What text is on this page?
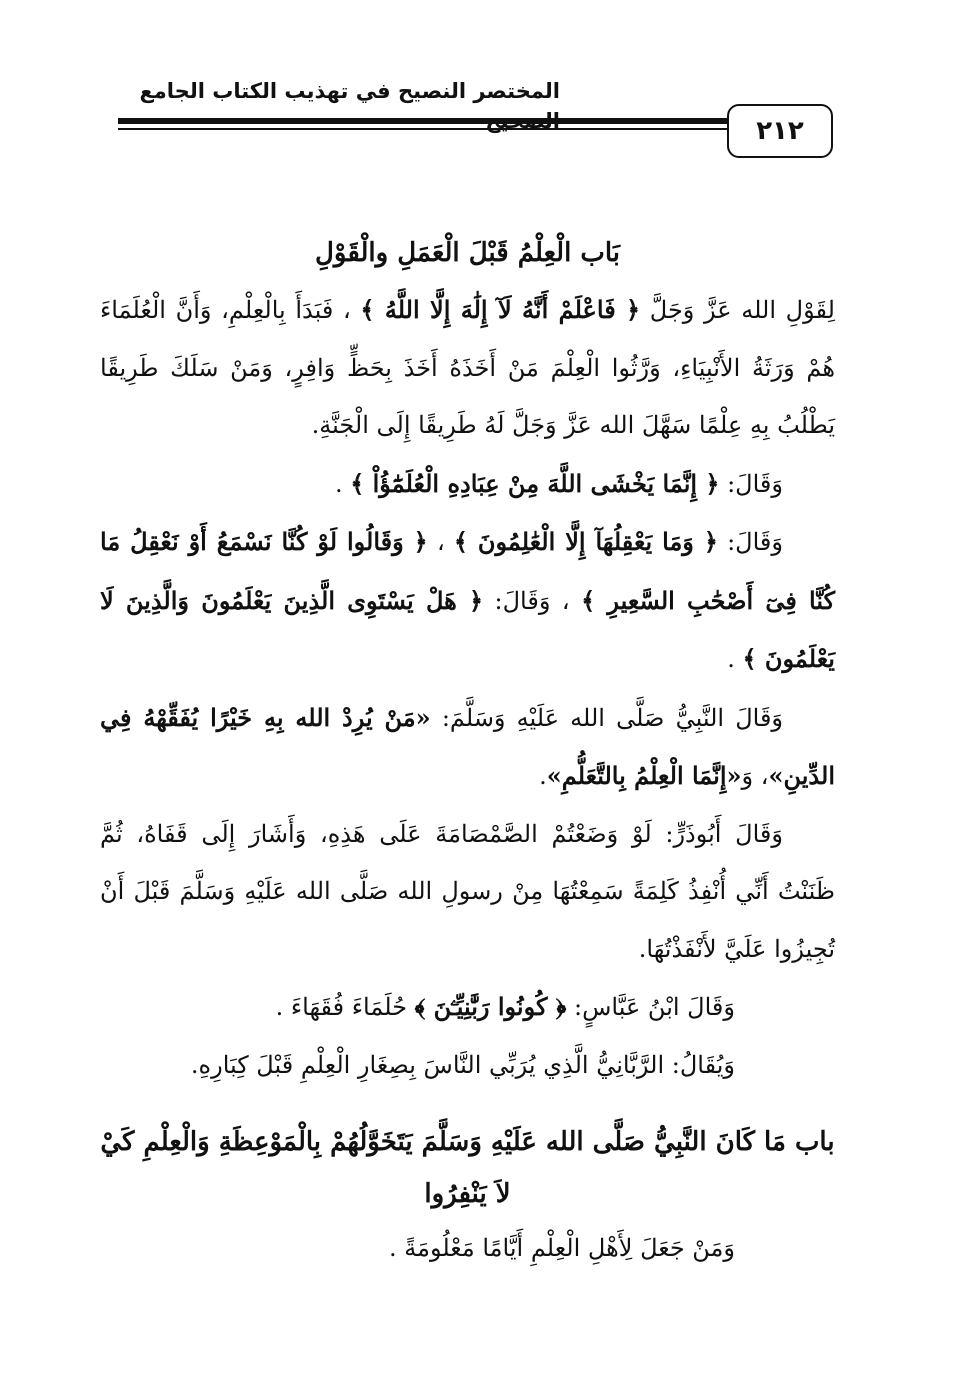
المختصر النصيح في تهذيب الكتاب الجامع
٢١٢

بَاب الْعِلْمُ قَبْلَ الْعَمَلِ والْقَوْلِ

لِقَوْلِ الله عَزَّ وَجَلَّ ﴿ فَاعْلَمْ أَنَّهُ لَآ إِلَٰهَ إِلَّا اللَّهُ ﴾ ، فَبَدَأَ بِالْعِلْمِ، وَأَنَّ الْعُلَمَاءَ هُمْ وَرَثَةُ الأَنْبِيَاءِ، وَرَّثُوا الْعِلْمَ مَنْ أَخَذَهُ أَخَذَ بِحَظٍّ وَافِرٍ، وَمَنْ سَلَكَ طَرِيقًا يَطْلُبُ بِهِ عِلْمًا سَهَّلَ الله عَزَّ وَجَلَّ لَهُ طَرِيقًا إِلَى الْجَنَّةِ.

وَقَالَ: ﴿ إِنَّمَا يَخْشَى اللَّهَ مِنْ عِبَادِهِ الْعُلَمَٰٓؤُاْ ﴾ .

وَقَالَ: ﴿ وَمَا يَعْقِلُهَآ إِلَّا الْعَٰلِمُونَ ﴾ ، ﴿ وَقَالُوا لَوْ كُنَّا نَسْمَعُ أَوْ نَعْقِلُ مَا كُنَّا فِىٓ أَصْحَٰبِ السَّعِيرِ ﴾ ، وَقَالَ: ﴿ هَلْ يَسْتَوِى الَّذِينَ يَعْلَمُونَ وَالَّذِينَ لَا يَعْلَمُونَ ﴾ .

وَقَالَ النَّبِيُّ صَلَّى الله عَلَيْهِ وَسَلَّمَ: «مَنْ يُرِدْ الله بِهِ خَيْرًا يُفَقِّهْهُ فِي الدِّينِ»، وَ«إِنَّمَا الْعِلْمُ بِالتَّعَلُّمِ».

وَقَالَ أَبُوذَرٍّ: لَوْ وَضَعْتُمْ الصَّمْصَامَةَ عَلَى هَذِهِ، وَأَشَارَ إِلَى قَفَاهُ، ثُمَّ ظَنَنْتُ أَنِّي أُنْفِذُ كَلِمَةً سَمِعْتُهَا مِنْ رسولِ الله صَلَّى الله عَلَيْهِ وَسَلَّمَ قَبْلَ أَنْ تُجِيزُوا عَلَيَّ لأَنْفَذْتُهَا.

وَقَالَ ابْنُ عَبَّاسٍ: ﴿ كُونُوا رَبَّٰنِيِّـۧنَ ﴾ حُلَمَاءَ فُقَهَاءَ .

وَيُقَالُ: الرَّبَّانِيُّ الَّذِي يُرَبِّي النَّاسَ بِصِغَارِ الْعِلْمِ قَبْلَ كِبَارِهِ.

باب مَا كَانَ النَّبِيُّ صَلَّى الله عَلَيْهِ وَسَلَّمَ يَتَخَوَّلُهُمْ بِالْمَوْعِظَةِ وَالْعِلْمِ كَيْ لاَ يَنْفِرُوا

وَمَنْ جَعَلَ لِأَهْلِ الْعِلْمِ أَيَّامًا مَعْلُومَةً .
